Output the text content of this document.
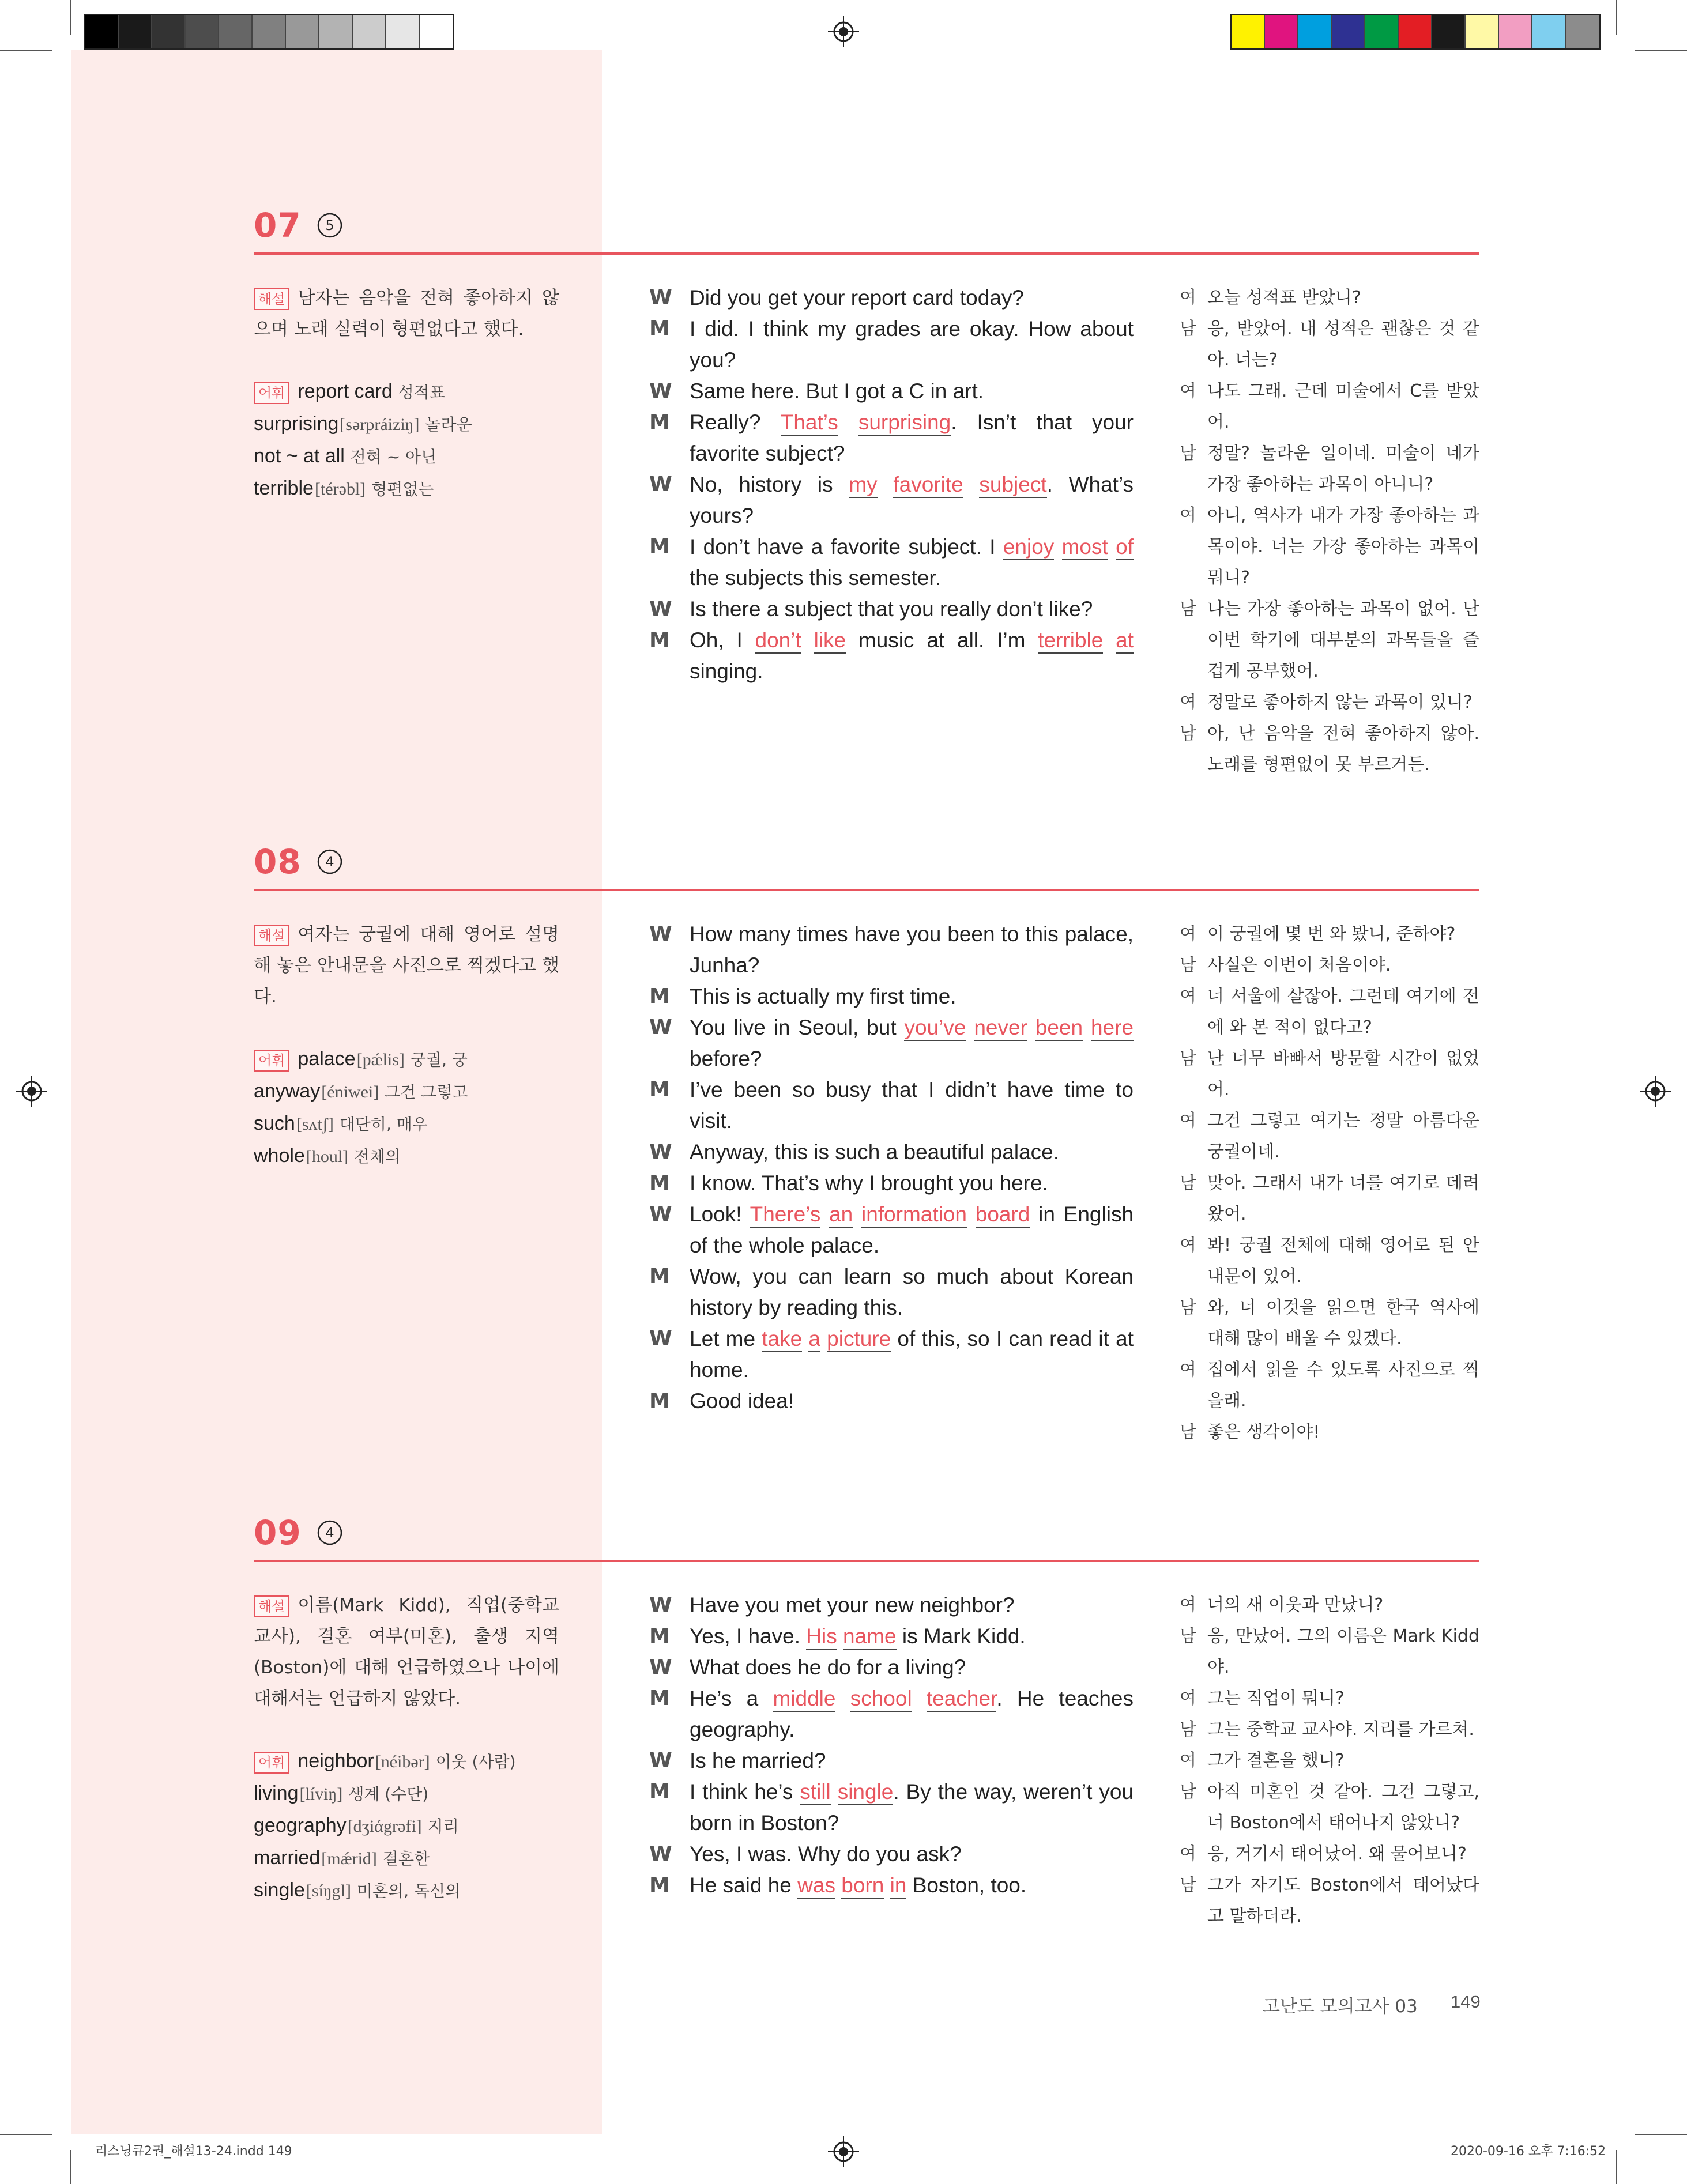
07 5
해설 남자는 음악을 전혀 좋아하지 않으며 노래 실력이 형편없다고 했다.
어휘 report card 성적표
surprising[sərpráiziŋ] 놀라운
not ~ at all 전혀 ~ 아닌
terrible[térəbl] 형편없는
W Did you get your report card today?
M I did. I think my grades are okay. How about you?
W Same here. But I got a C in art.
M Really? That’s surprising. Isn’t that your favorite subject?
W No, history is my favorite subject. What’s yours?
M I don’t have a favorite subject. I enjoy most of the subjects this semester.
W Is there a subject that you really don’t like?
M Oh, I don’t like music at all. I’m terrible at singing.
여 오늘 성적표 받았니?
남 응, 받았어. 내 성적은 괜찮은 것 같아. 너는?
여 나도 그래. 근데 미술에서 C를 받았어.
남 정말? 놀라운 일이네. 미술이 네가 가장 좋아하는 과목이 아니니?
여 아니, 역사가 내가 가장 좋아하는 과목이야. 너는 가장 좋아하는 과목이 뭐니?
남 나는 가장 좋아하는 과목이 없어. 난 이번 학기에 대부분의 과목들을 즐겁게 공부했어.
여 정말로 좋아하지 않는 과목이 있니?
남 아, 난 음악을 전혀 좋아하지 않아. 노래를 형편없이 못 부르거든.
08 4
해설 여자는 궁궐에 대해 영어로 설명해 놓은 안내문을 사진으로 찍겠다고 했다.
어휘 palace[pǽlis] 궁궐, 궁
anyway[éniwei] 그건 그렇고
such[sʌtʃ] 대단히, 매우
whole[houl] 전체의
W How many times have you been to this palace, Junha?
M This is actually my first time.
W You live in Seoul, but you’ve never been here before?
M I’ve been so busy that I didn’t have time to visit.
W Anyway, this is such a beautiful palace.
M I know. That’s why I brought you here.
W Look! There’s an information board in English of the whole palace.
M Wow, you can learn so much about Korean history by reading this.
W Let me take a picture of this, so I can read it at home.
M Good idea!
여 이 궁궐에 몇 번 와 봤니, 준하야?
남 사실은 이번이 처음이야.
여 너 서울에 살잖아. 그런데 여기에 전에 와 본 적이 없다고?
남 난 너무 바빠서 방문할 시간이 없었어.
여 그건 그렇고 여기는 정말 아름다운 궁궐이네.
남 맞아. 그래서 내가 너를 여기로 데려왔어.
여 봐! 궁궐 전체에 대해 영어로 된 안내문이 있어.
남 와, 너 이것을 읽으면 한국 역사에 대해 많이 배울 수 있겠다.
여 집에서 읽을 수 있도록 사진으로 찍을래.
남 좋은 생각이야!
09 4
해설 이름(Mark Kidd), 직업(중학교 교사), 결혼 여부(미혼), 출생 지역(Boston)에 대해 언급하였으나 나이에 대해서는 언급하지 않았다.
어휘 neighbor[néibər] 이웃 (사람)
living[líviŋ] 생계 (수단)
geography[dʒiάgrəfi] 지리
married[mǽrid] 결혼한
single[síŋgl] 미혼의, 독신의
W Have you met your new neighbor?
M Yes, I have. His name is Mark Kidd.
W What does he do for a living?
M He’s a middle school teacher. He teaches geography.
W Is he married?
M I think he’s still single. By the way, weren’t you born in Boston?
W Yes, I was. Why do you ask?
M He said he was born in Boston, too.
여 너의 새 이웃과 만났니?
남 응, 만났어. 그의 이름은 Mark Kidd야.
여 그는 직업이 뭐니?
남 그는 중학교 교사야. 지리를 가르쳐.
여 그가 결혼을 했니?
남 아직 미혼인 것 같아. 그건 그렇고, 너 Boston에서 태어나지 않았니?
여 응, 거기서 태어났어. 왜 물어보니?
남 그가 자기도 Boston에서 태어났다고 말하더라.
고난도 모의고사 03 149
리스닝큐2권_해설13-24.indd 149	2020-09-16 오후 7:16:52
